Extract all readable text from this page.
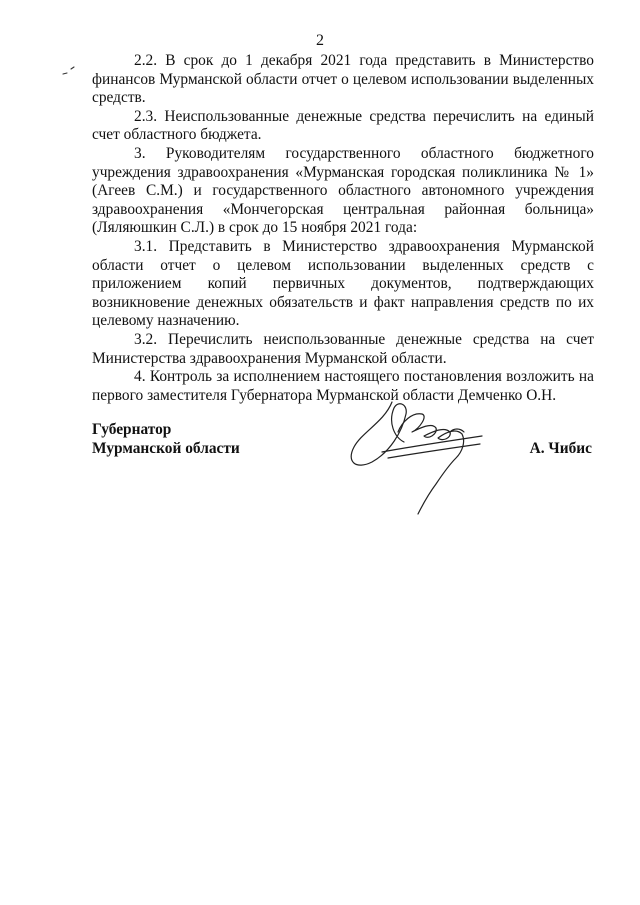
2

2.2. В срок до 1 декабря 2021 года представить в Министерство финансов Мурманской области отчет о целевом использовании выделенных средств.

2.3. Неиспользованные денежные средства перечислить на единый счет областного бюджета.

3. Руководителям государственного областного бюджетного учреждения здравоохранения «Мурманская городская поликлиника № 1» (Агеев С.М.) и государственного областного автономного учреждения здравоохранения «Мончегорская центральная районная больница» (Ляляюшкин С.Л.) в срок до 15 ноября 2021 года:

3.1. Представить в Министерство здравоохранения Мурманской области отчет о целевом использовании выделенных средств с приложением копий первичных документов, подтверждающих возникновение денежных обязательств и факт направления средств по их целевому назначению.

3.2. Перечислить неиспользованные денежные средства на счет Министерства здравоохранения Мурманской области.

4. Контроль за исполнением настоящего постановления возложить на первого заместителя Губернатора Мурманской области Демченко О.Н.

Губернатор
Мурманской области	А. Чибис
